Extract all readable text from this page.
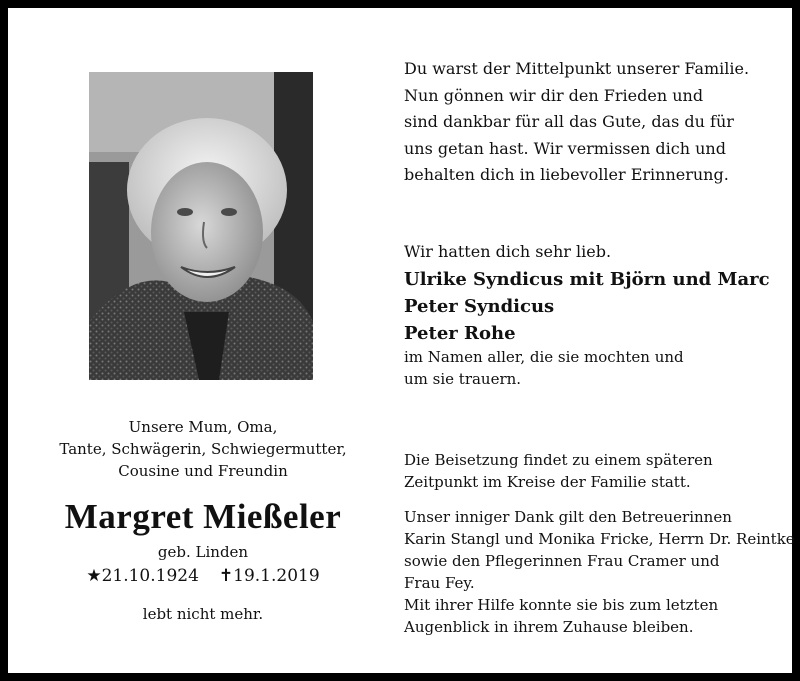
Unsere Mum, Oma,
Tante, Schwägerin, Schwiegermutter,
Cousine und Freundin
Margret Mießeler
geb. Linden
★21.10.1924 ✝19.1.2019
lebt nicht mehr.
Du warst der Mittelpunkt unserer Familie.
Nun gönnen wir dir den Frieden und
sind dankbar für all das Gute, das du für
uns getan hast. Wir vermissen dich und
behalten dich in liebevoller Erinnerung.
Wir hatten dich sehr lieb.
Ulrike Syndicus mit Björn und Marc
Peter Syndicus
Peter Rohe
im Namen aller, die sie mochten und
um sie trauern.
Die Beisetzung findet zu einem späteren
Zeitpunkt im Kreise der Familie statt.
Unser inniger Dank gilt den Betreuerinnen
Karin Stangl und Monika Fricke, Herrn Dr. Reintke
sowie den Pflegerinnen Frau Cramer und
Frau Fey.
Mit ihrer Hilfe konnte sie bis zum letzten
Augenblick in ihrem Zuhause bleiben.
